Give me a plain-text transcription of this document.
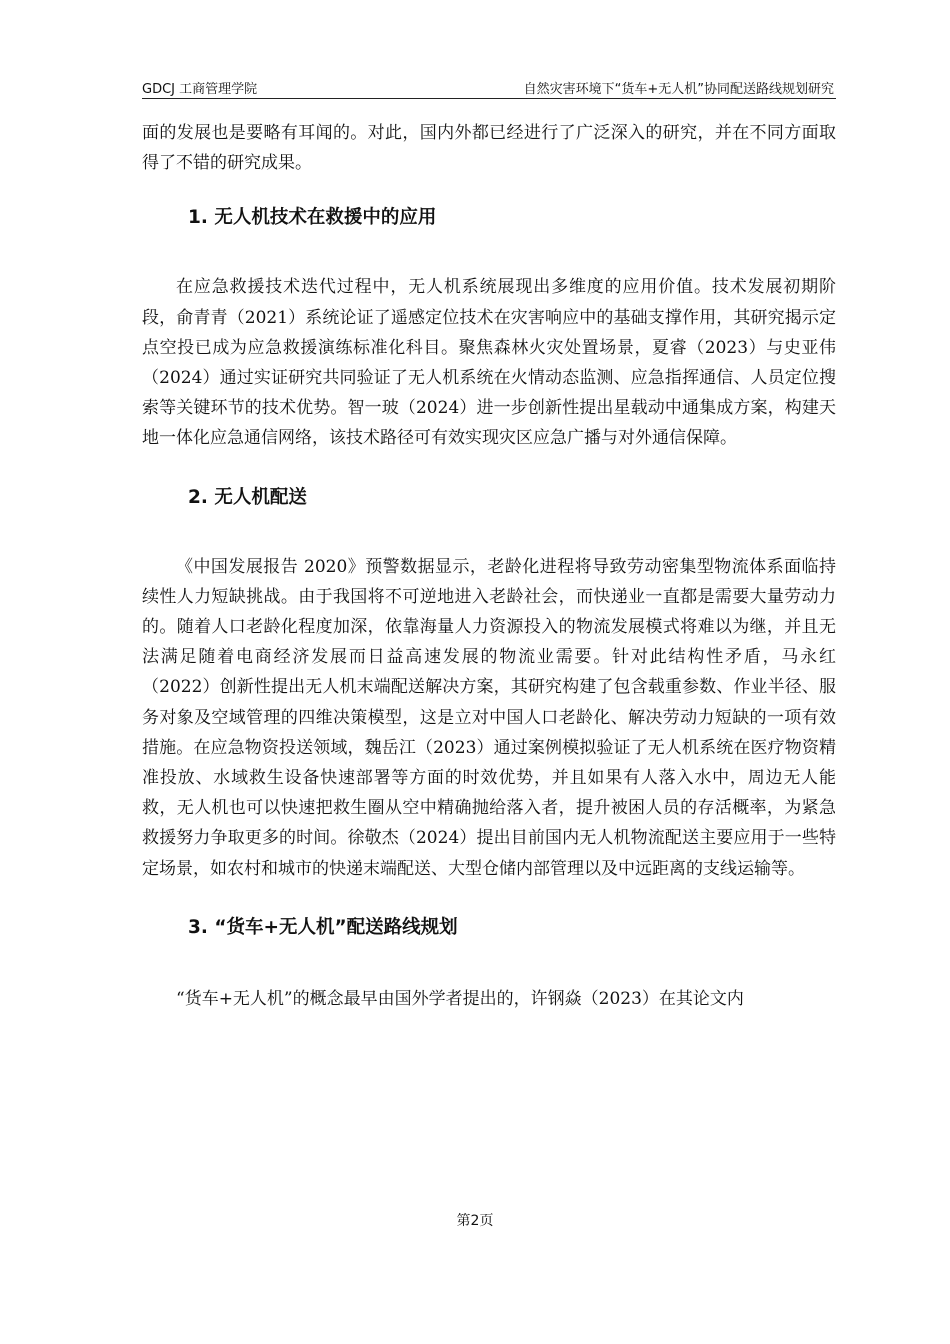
GDCJ 工商管理学院	自然灾害环境下“货车+无人机”协同配送路线规划研究

面的发展也是要略有耳闻的。对此，国内外都已经进行了广泛深入的研究，并在不同方面取得了不错的研究成果。

1. 无人机技术在救援中的应用

在应急救援技术迭代过程中，无人机系统展现出多维度的应用价值。技术发展初期阶段，俞青青（2021）系统论证了遥感定位技术在灾害响应中的基础支撑作用，其研究揭示定点空投已成为应急救援演练标准化科目。聚焦森林火灾处置场景，夏睿（2023）与史亚伟（2024）通过实证研究共同验证了无人机系统在火情动态监测、应急指挥通信、人员定位搜索等关键环节的技术优势。智一玻（2024）进一步创新性提出星载动中通集成方案，构建天地一体化应急通信网络，该技术路径可有效实现灾区应急广播与对外通信保障。

2. 无人机配送

《中国发展报告 2020》预警数据显示，老龄化进程将导致劳动密集型物流体系面临持续性人力短缺挑战。由于我国将不可逆地进入老龄社会，而快递业一直都是需要大量劳动力的。随着人口老龄化程度加深，依靠海量人力资源投入的物流发展模式将难以为继，并且无法满足随着电商经济发展而日益高速发展的物流业需要。针对此结构性矛盾，马永红（2022）创新性提出无人机末端配送解决方案，其研究构建了包含载重参数、作业半径、服务对象及空域管理的四维决策模型，这是立对中国人口老龄化、解决劳动力短缺的一项有效措施。在应急物资投送领域，魏岳江（2023）通过案例模拟验证了无人机系统在医疗物资精准投放、水域救生设备快速部署等方面的时效优势，并且如果有人落入水中，周边无人能救，无人机也可以快速把救生圈从空中精确抛给落入者，提升被困人员的存活概率，为紧急救援努力争取更多的时间。徐敬杰（2024）提出目前国内无人机物流配送主要应用于一些特定场景，如农村和城市的快递末端配送、大型仓储内部管理以及中远距离的支线运输等。

3. “货车+无人机”配送路线规划

“货车+无人机”的概念最早由国外学者提出的，许钢焱（2023）在其论文内

第2页
